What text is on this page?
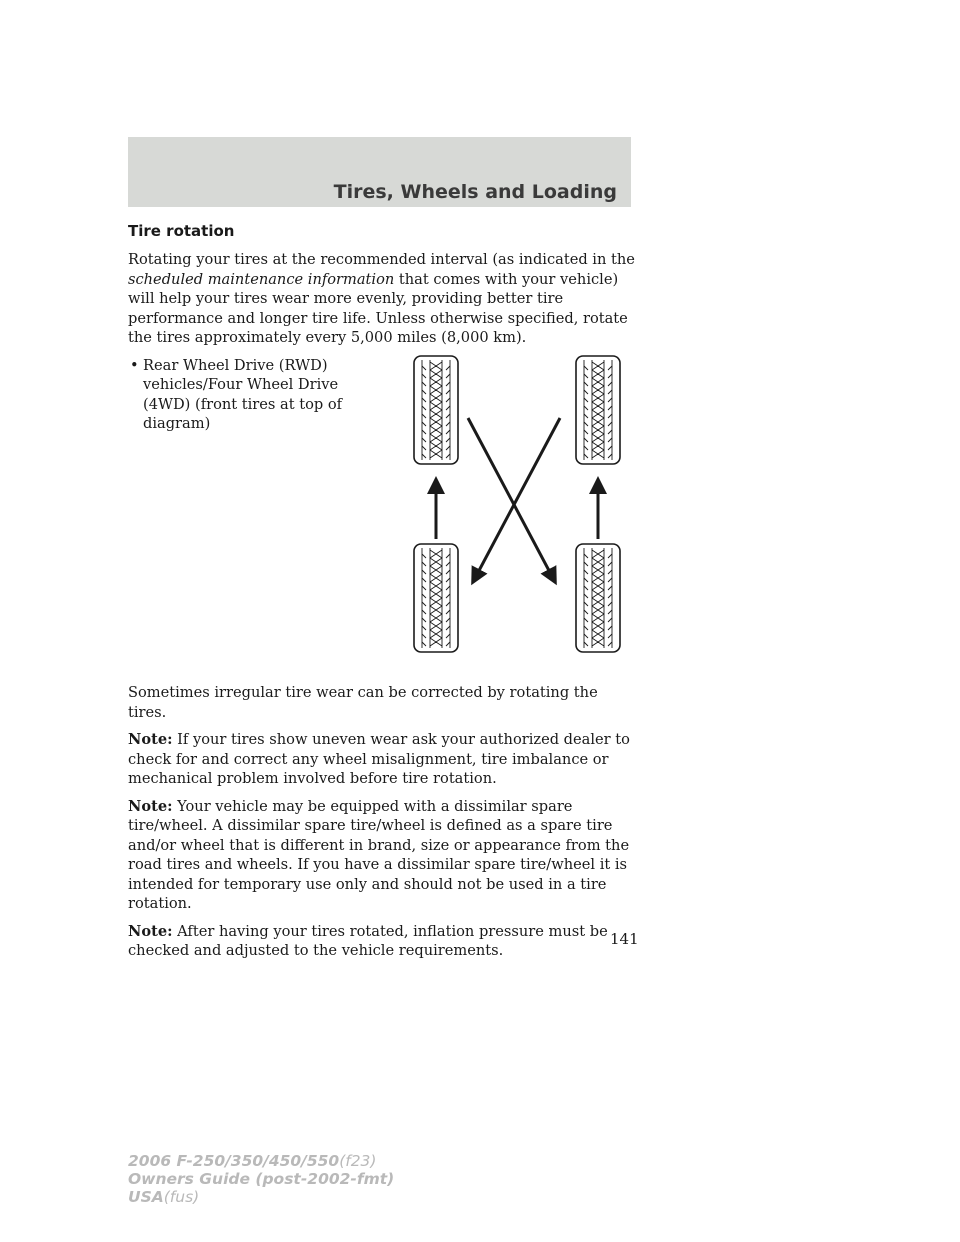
Tires, Wheels and Loading
Tire rotation

Rotating your tires at the recommended interval (as indicated in the scheduled maintenance information that comes with your vehicle) will help your tires wear more evenly, providing better tire performance and longer tire life. Unless otherwise specified, rotate the tires approximately every 5,000 miles (8,000 km).

• Rear Wheel Drive (RWD) vehicles/Four Wheel Drive (4WD) (front tires at top of diagram)

Sometimes irregular tire wear can be corrected by rotating the tires.

Note: If your tires show uneven wear ask your authorized dealer to check for and correct any wheel misalignment, tire imbalance or mechanical problem involved before tire rotation.

Note: Your vehicle may be equipped with a dissimilar spare tire/wheel. A dissimilar spare tire/wheel is defined as a spare tire and/or wheel that is different in brand, size or appearance from the road tires and wheels. If you have a dissimilar spare tire/wheel it is intended for temporary use only and should not be used in a tire rotation.

Note: After having your tires rotated, inflation pressure must be checked and adjusted to the vehicle requirements.

141

2006 F-250/350/450/550(f23)

Owners Guide (post-2002-fmt)

USA(fus)
